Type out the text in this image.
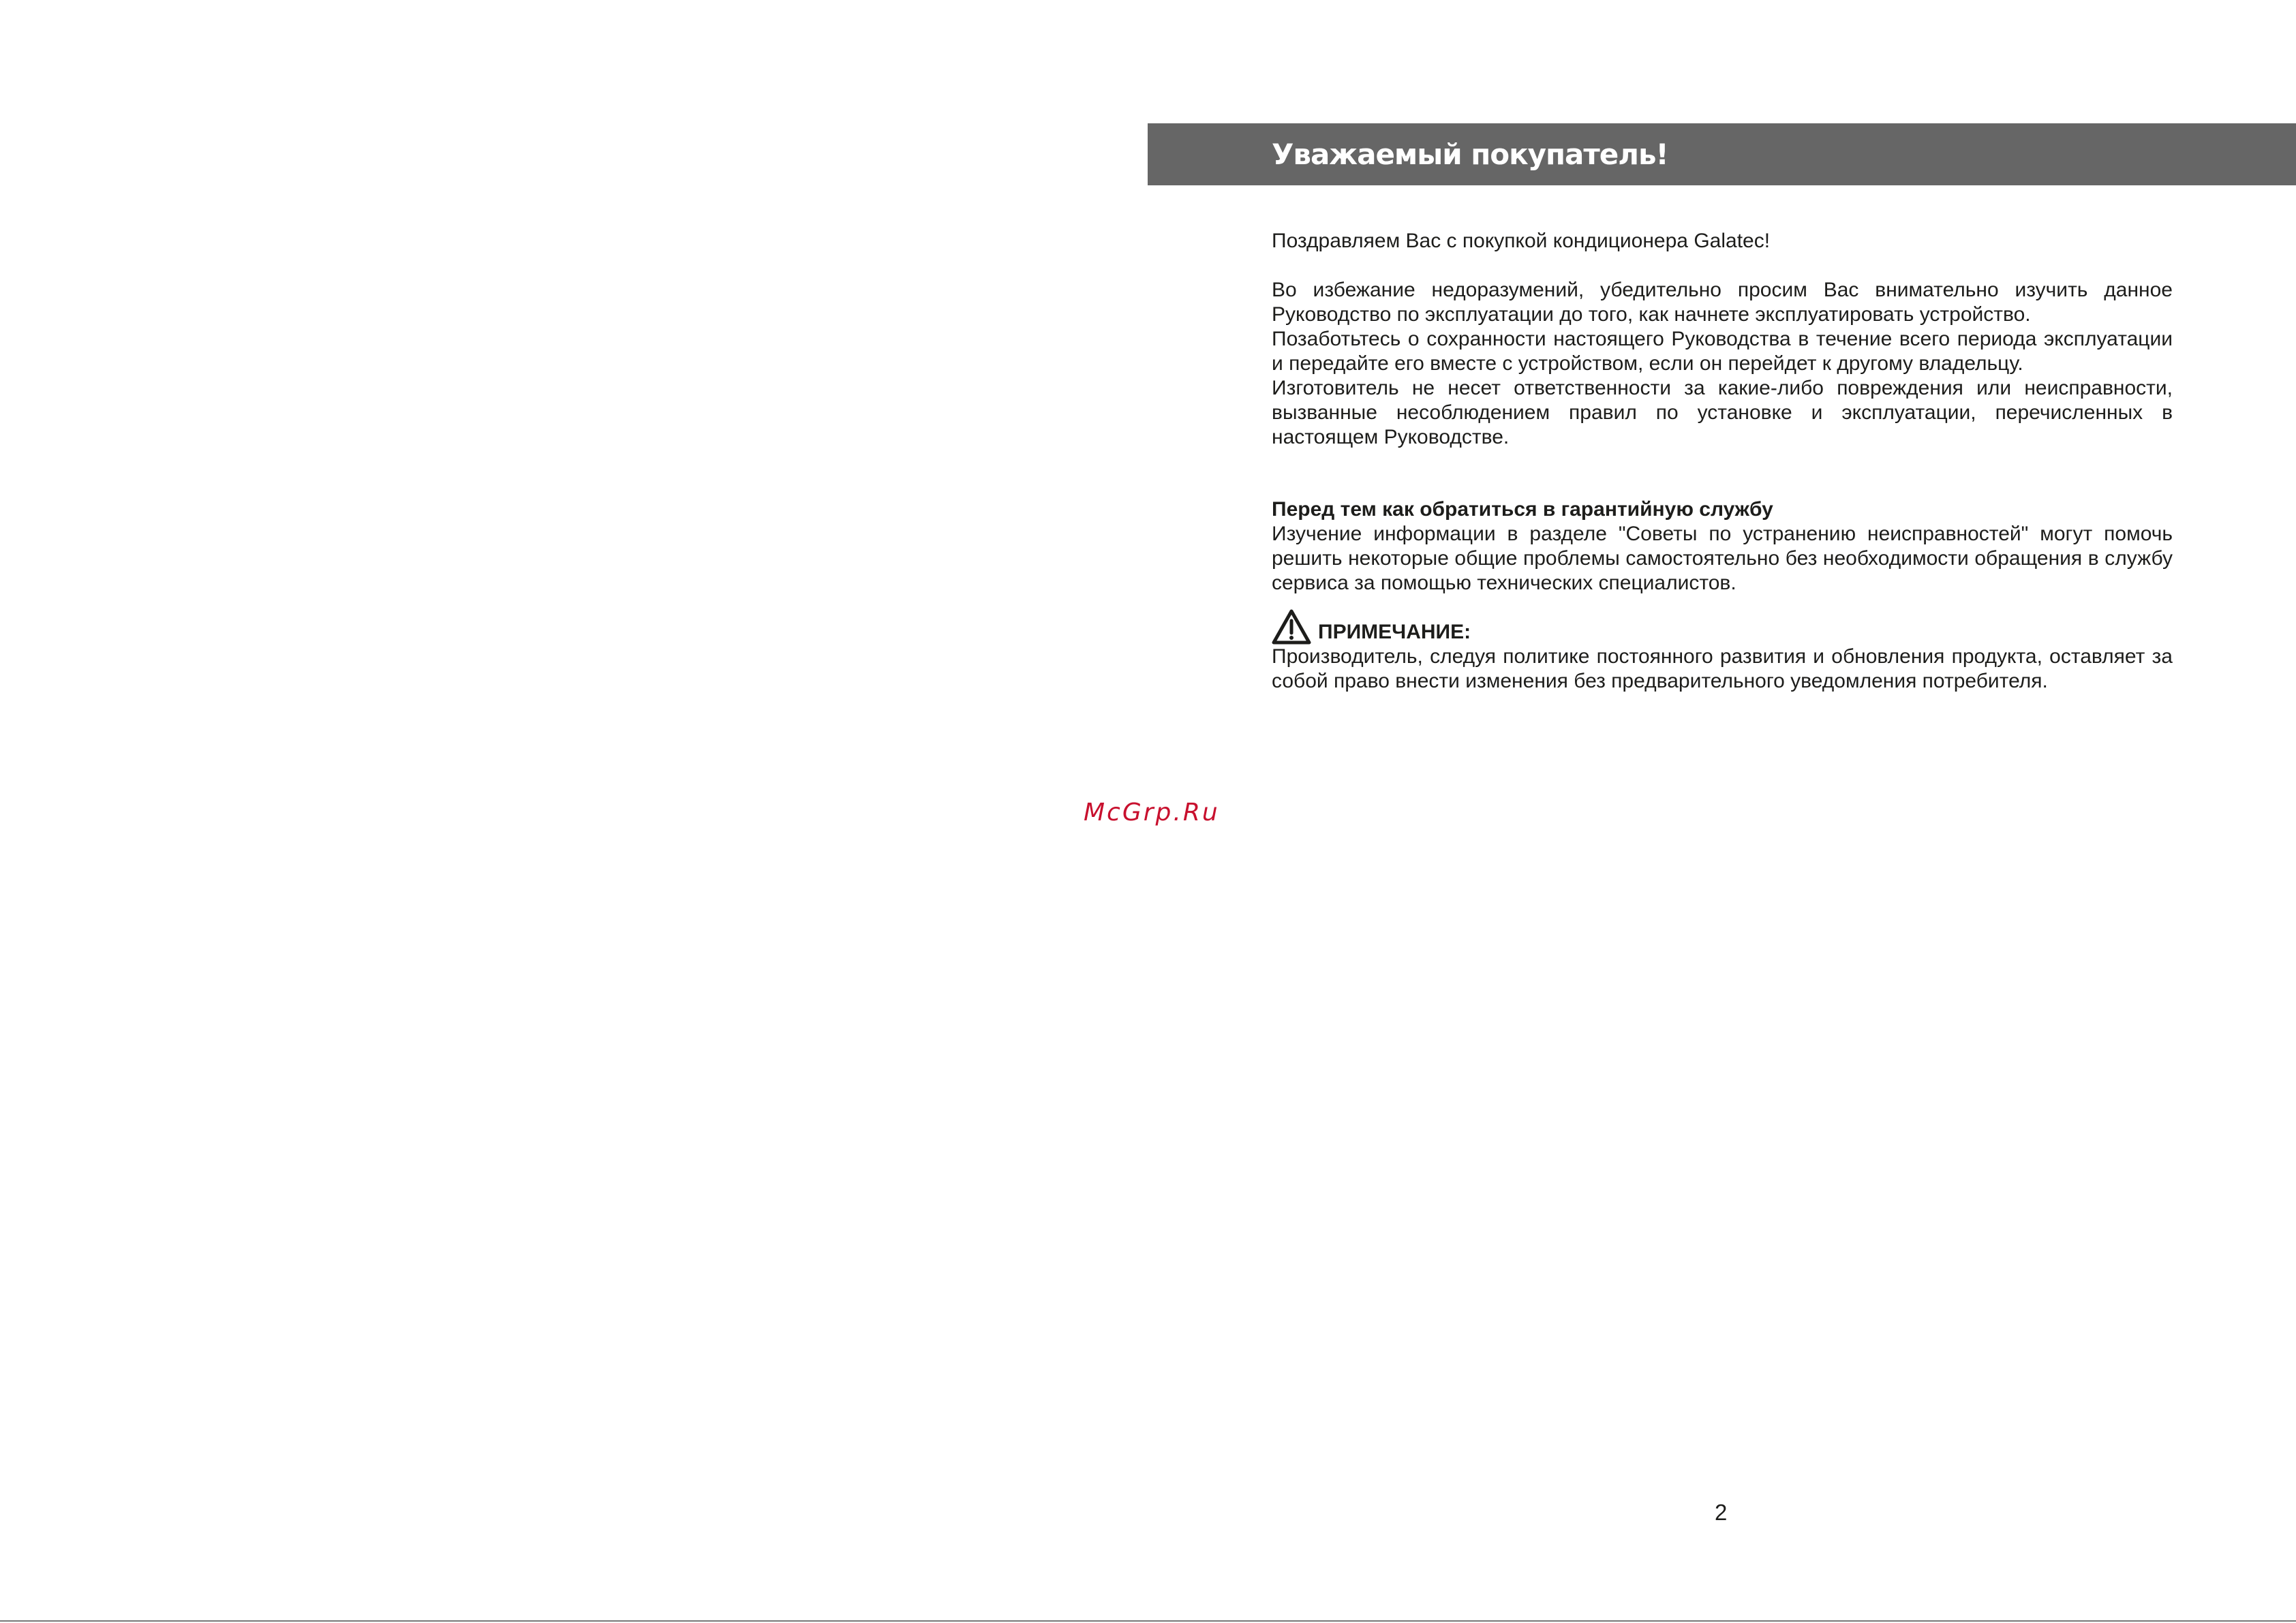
Уважаемый покупатель!

Поздравляем Вас с покупкой кондиционера Galatec!

Во избежание недоразумений, убедительно просим Вас внимательно изучить данное Руководство по эксплуатации до того, как начнете эксплуатировать устройство.

Позаботьтесь о сохранности настоящего Руководства в течение всего периода эксплуатации и передайте его вместе с устройством, если он перейдет к другому владельцу.

Изготовитель не несет ответственности за какие-либо повреждения или неисправности, вызванные несоблюдением правил по установке и эксплуатации, перечисленных в настоящем Руководстве.

Перед тем как обратиться в гарантийную службу

Изучение информации в разделе "Советы по устранению неисправностей" могут помочь решить некоторые общие проблемы самостоятельно без необходимости обращения в службу сервиса за помощью технических специалистов.

ПРИМЕЧАНИЕ:

Производитель, следуя политике постоянного развития и обновления продукта, оставляет за собой право внести изменения без предварительного уведомления потребителя.

McGrp.Ru
2
